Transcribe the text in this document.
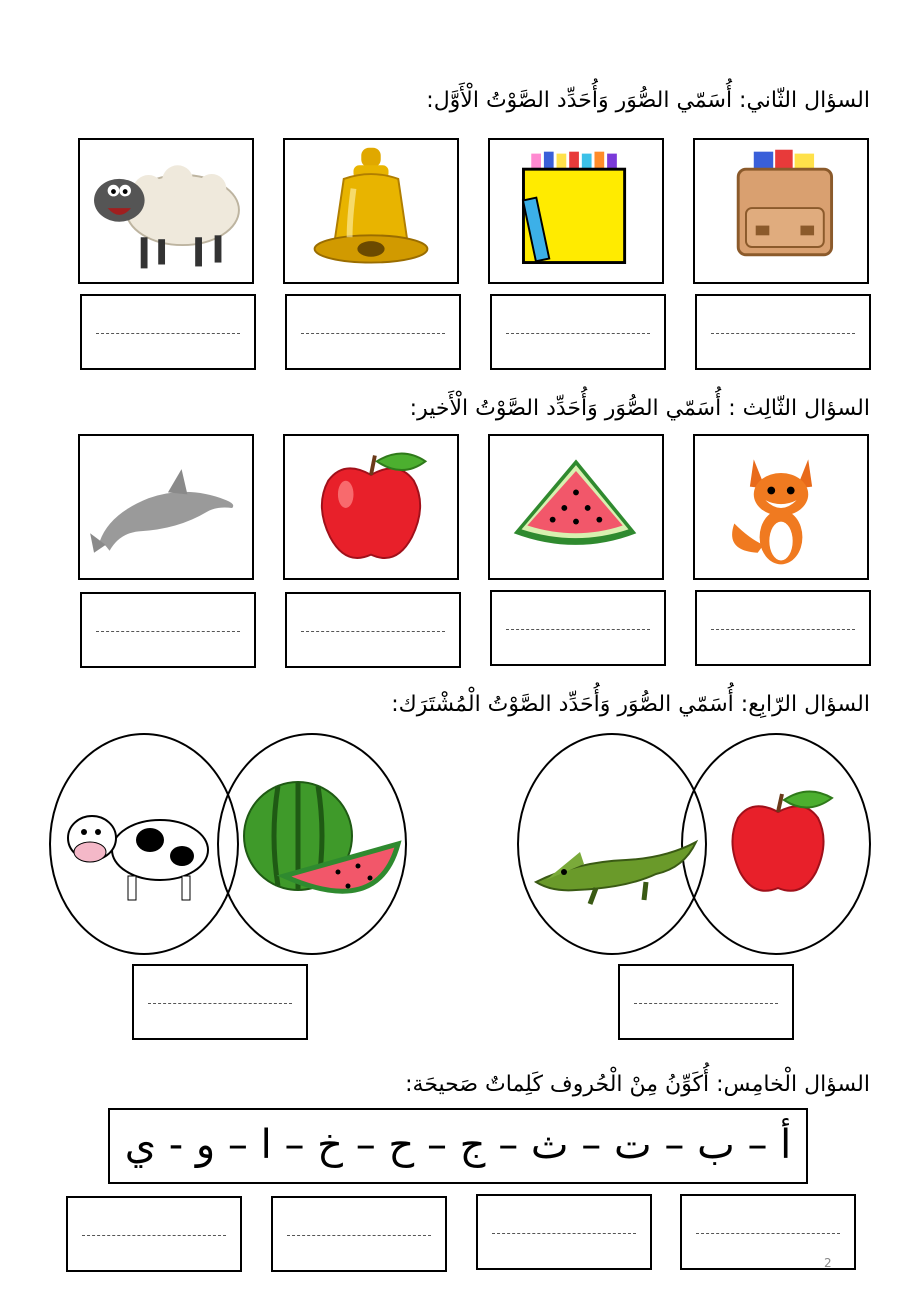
السؤال الثّاني: أُسَمّي الصُّوَر وَأُحَدِّد الصَّوْتُ الْأَوَّل:
السؤال الثّالِث : أُسَمّي الصُّوَر وَأُحَدِّد الصَّوْتُ الْأَخير:
السؤال الرّابِع: أُسَمّي الصُّوَر وَأُحَدِّد الصَّوْتُ الْمُشْتَرَك:
السؤال الْخامِس: أُكَوِّنُ مِنْ الْحُروف كَلِماتٌ صَحيحَة:
أ – ب – ت – ث – ج – ح – خ – ا – و - ي
2
